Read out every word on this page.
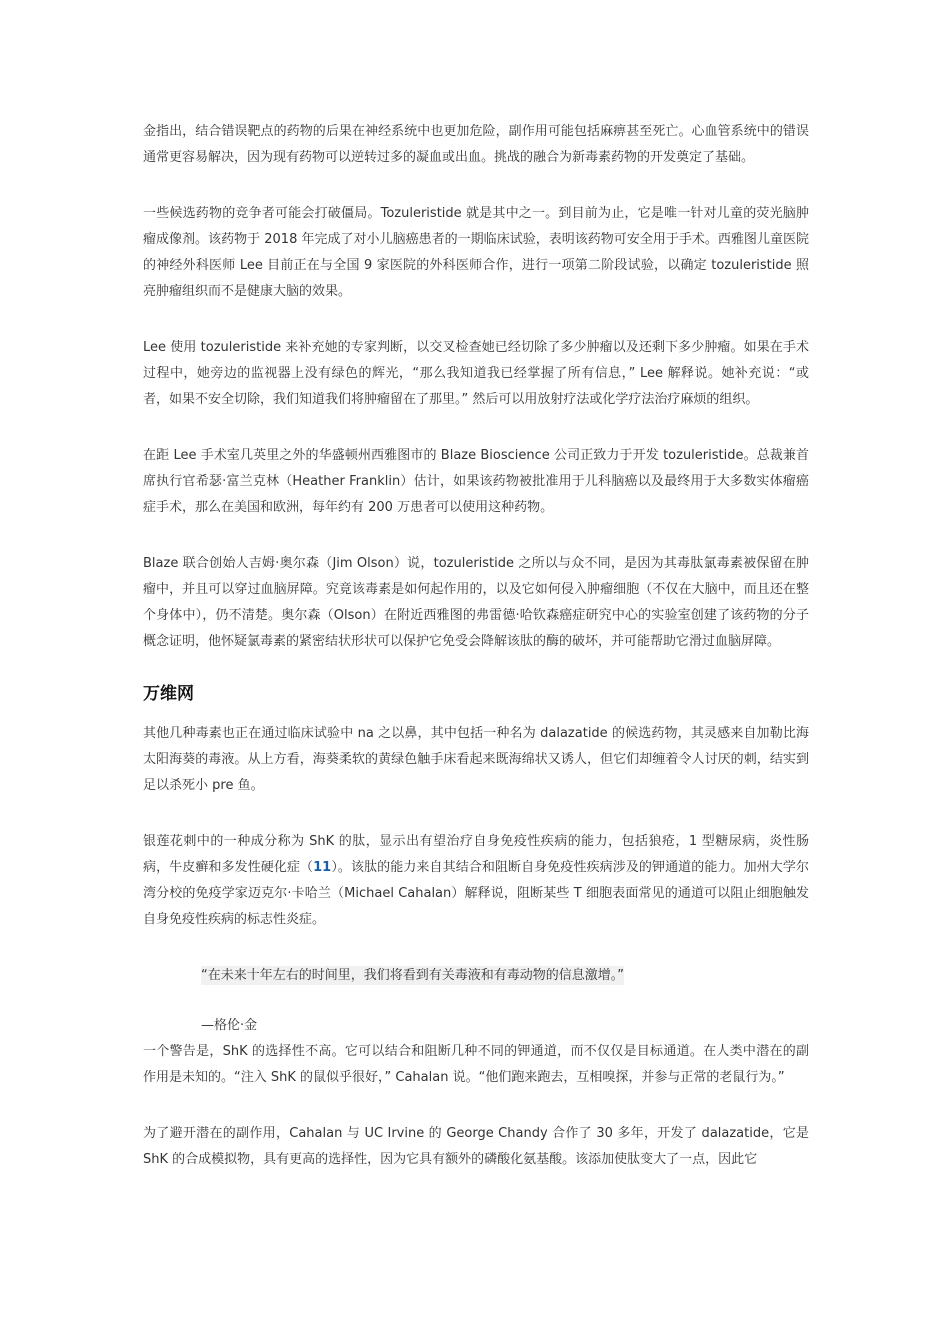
金指出，结合错误靶点的药物的后果在神经系统中也更加危险，副作用可能包括麻痹甚至死亡。心血管系统中的错误通常更容易解决，因为现有药物可以逆转过多的凝血或出血。挑战的融合为新毒素药物的开发奠定了基础。

一些候选药物的竞争者可能会打破僵局。Tozuleristide 就是其中之一。到目前为止，它是唯一针对儿童的荧光脑肿瘤成像剂。该药物于 2018 年完成了对小儿脑癌患者的一期临床试验，表明该药物可安全用于手术。西雅图儿童医院的神经外科医师 Lee 目前正在与全国 9 家医院的外科医师合作，进行一项第二阶段试验，以确定 tozuleristide 照亮肿瘤组织而不是健康大脑的效果。

Lee 使用 tozuleristide 来补充她的专家判断，以交叉检查她已经切除了多少肿瘤以及还剩下多少肿瘤。如果在手术过程中，她旁边的监视器上没有绿色的辉光，“那么我知道我已经掌握了所有信息，” Lee 解释说。她补充说：“或者，如果不安全切除，我们知道我们将肿瘤留在了那里。” 然后可以用放射疗法或化学疗法治疗麻烦的组织。

在距 Lee 手术室几英里之外的华盛顿州西雅图市的 Blaze Bioscience 公司正致力于开发 tozuleristide。总裁兼首席执行官希瑟·富兰克林（Heather Franklin）估计，如果该药物被批准用于儿科脑癌以及最终用于大多数实体瘤癌症手术，那么在美国和欧洲，每年约有 200 万患者可以使用这种药物。

Blaze 联合创始人吉姆·奥尔森（Jim Olson）说，tozuleristide 之所以与众不同，是因为其毒肽氯毒素被保留在肿瘤中，并且可以穿过血脑屏障。究竟该毒素是如何起作用的，以及它如何侵入肿瘤细胞（不仅在大脑中，而且还在整个身体中），仍不清楚。奥尔森（Olson）在附近西雅图的弗雷德·哈钦森癌症研究中心的实验室创建了该药物的分子概念证明，他怀疑氯毒素的紧密结状形状可以保护它免受会降解该肽的酶的破坏，并可能帮助它滑过血脑屏障。

万维网

其他几种毒素也正在通过临床试验中 na 之以鼻，其中包括一种名为 dalazatide 的候选药物，其灵感来自加勒比海太阳海葵的毒液。从上方看，海葵柔软的黄绿色触手床看起来既海绵状又诱人，但它们却缠着令人讨厌的刺，结实到足以杀死小 pre 鱼。

银莲花刺中的一种成分称为 ShK 的肽，显示出有望治疗自身免疫性疾病的能力，包括狼疮，1 型糖尿病，炎性肠病，牛皮癣和多发性硬化症（11）。该肽的能力来自其结合和阻断自身免疫性疾病涉及的钾通道的能力。加州大学尔湾分校的免疫学家迈克尔·卡哈兰（Michael Cahalan）解释说，阻断某些 T 细胞表面常见的通道可以阻止细胞触发自身免疫性疾病的标志性炎症。

“在未来十年左右的时间里，我们将看到有关毒液和有毒动物的信息激增。”
—格伦·金

一个警告是，ShK 的选择性不高。它可以结合和阻断几种不同的钾通道，而不仅仅是目标通道。在人类中潜在的副作用是未知的。“注入 ShK 的鼠似乎很好，” Cahalan 说。“他们跑来跑去，互相嗅探，并参与正常的老鼠行为。”

为了避开潜在的副作用，Cahalan 与 UC Irvine 的 George Chandy 合作了 30 多年，开发了 dalazatide，它是 ShK 的合成模拟物，具有更高的选择性，因为它具有额外的磷酸化氨基酸。该添加使肽变大了一点，因此它
